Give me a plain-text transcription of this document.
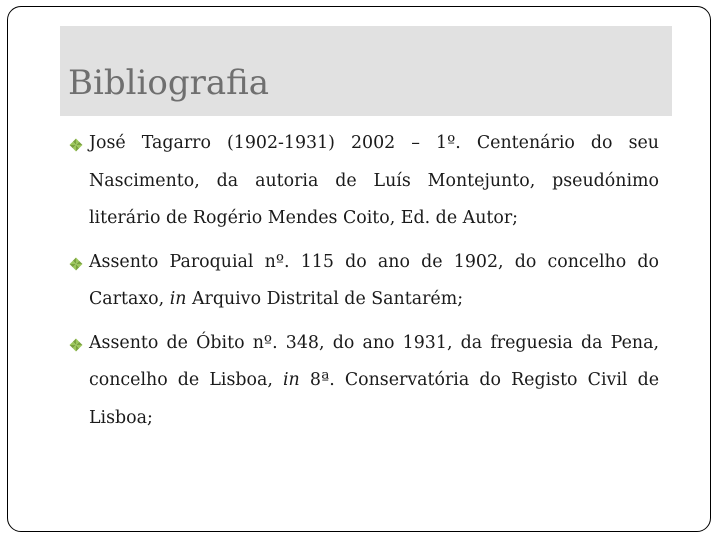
Bibliografia
José Tagarro (1902-1931) 2002 – 1º. Centenário do seu Nascimento, da autoria de Luís Montejunto, pseudónimo literário de Rogério Mendes Coito, Ed. de Autor;
Assento Paroquial nº. 115 do ano de 1902, do concelho do Cartaxo, in Arquivo Distrital de Santarém;
Assento de Óbito nº. 348, do ano 1931, da freguesia da Pena, concelho de Lisboa, in 8ª. Conservatória do Registo Civil de Lisboa;
